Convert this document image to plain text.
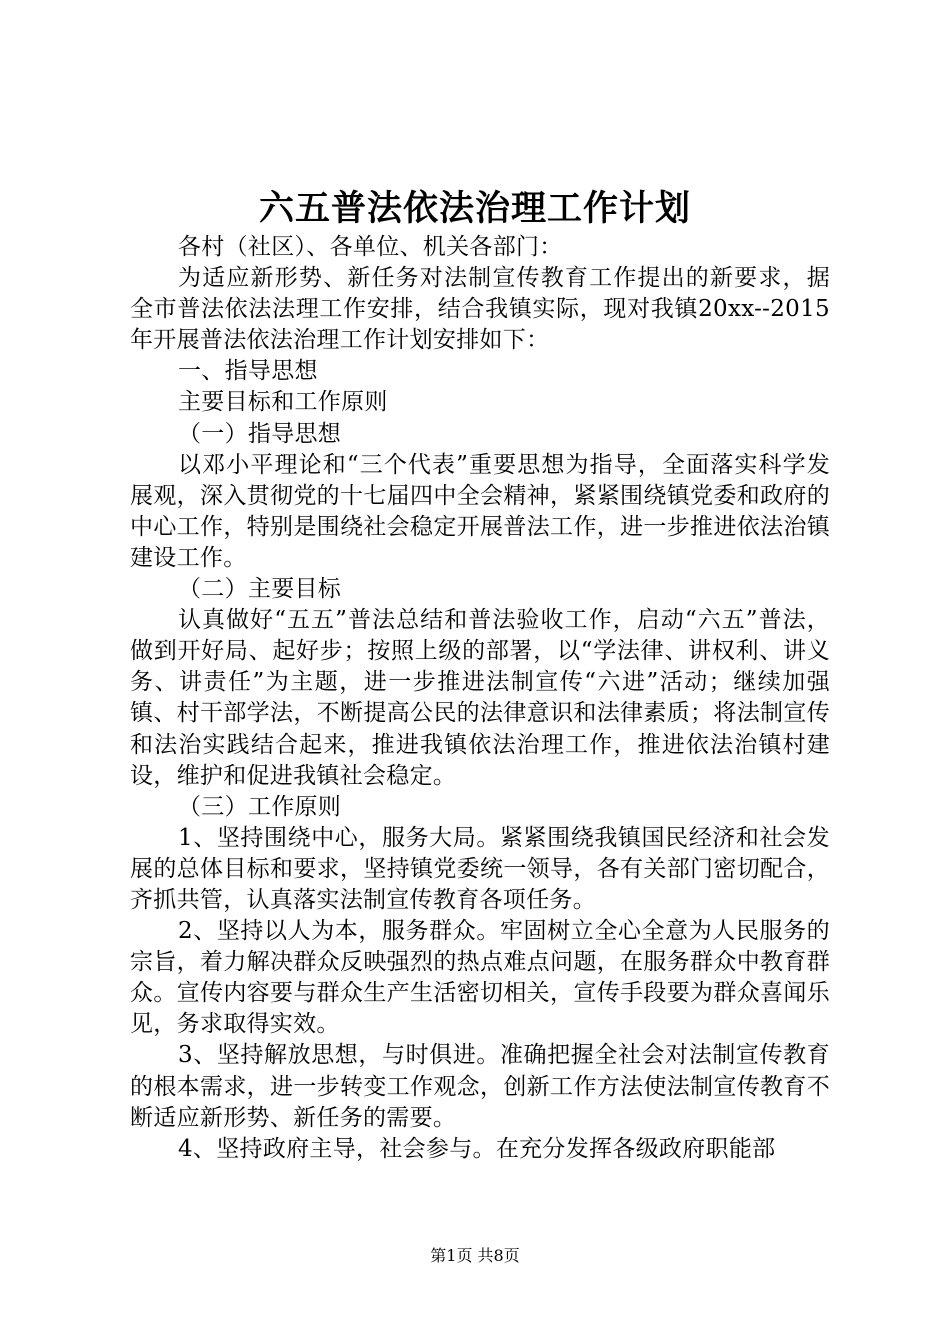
六五普法依法治理工作计划

各村（社区）、各单位、机关各部门：

为适应新形势、新任务对法制宣传教育工作提出的新要求，据全市普法依法法理工作安排，结合我镇实际，现对我镇20xx--2015年开展普法依法治理工作计划安排如下：

一、指导思想

主要目标和工作原则

（一）指导思想

以邓小平理论和“三个代表”重要思想为指导，全面落实科学发展观，深入贯彻党的十七届四中全会精神，紧紧围绕镇党委和政府的中心工作，特别是围绕社会稳定开展普法工作，进一步推进依法治镇建设工作。

（二）主要目标

认真做好“五五”普法总结和普法验收工作，启动“六五”普法，做到开好局、起好步；按照上级的部署，以“学法律、讲权利、讲义务、讲责任”为主题，进一步推进法制宣传“六进”活动；继续加强镇、村干部学法，不断提高公民的法律意识和法律素质；将法制宣传和法治实践结合起来，推进我镇依法治理工作，推进依法治镇村建设，维护和促进我镇社会稳定。

（三）工作原则

1、坚持围绕中心，服务大局。紧紧围绕我镇国民经济和社会发展的总体目标和要求，坚持镇党委统一领导，各有关部门密切配合，齐抓共管，认真落实法制宣传教育各项任务。

2、坚持以人为本，服务群众。牢固树立全心全意为人民服务的宗旨，着力解决群众反映强烈的热点难点问题，在服务群众中教育群众。宣传内容要与群众生产生活密切相关，宣传手段要为群众喜闻乐见，务求取得实效。

3、坚持解放思想，与时俱进。准确把握全社会对法制宣传教育的根本需求，进一步转变工作观念，创新工作方法使法制宣传教育不断适应新形势、新任务的需要。

4、坚持政府主导，社会参与。在充分发挥各级政府职能部

第1页 共8页
